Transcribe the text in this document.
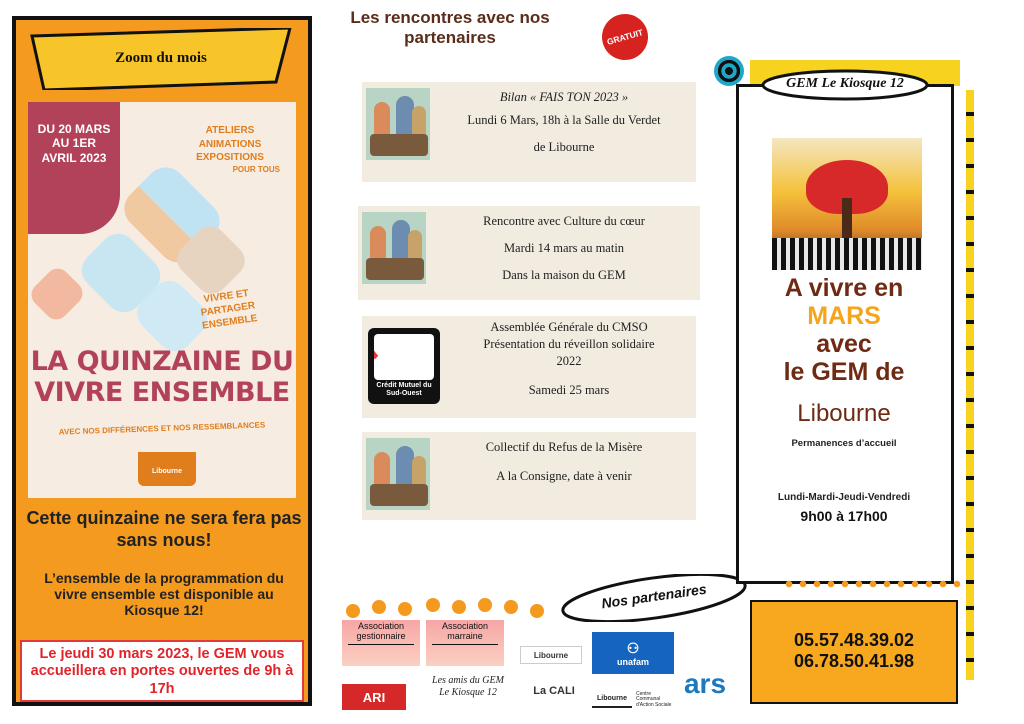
Zoom du mois
DU 20 MARS AU 1ER AVRIL 2023
ATELIERS
ANIMATIONS
EXPOSITIONS
POUR TOUS
VIVRE ET PARTAGER ENSEMBLE
LA QUINZAINE DU VIVRE ENSEMBLE
AVEC NOS DIFFÉRENCES ET NOS RESSEMBLANCES
Libourne
Cette quinzaine ne sera fera pas sans nous!
L’ensemble de la programmation du vivre ensemble est disponible au Kiosque 12!
Le jeudi 30 mars 2023, le GEM vous accueillera en portes ouvertes de 9h à 17h
Les rencontres avec nos partenaires	GRATUIT
Bilan « FAIS TON 2023 »
Lundi 6 Mars, 18h à la Salle du Verdet
de Libourne
Rencontre avec Culture du cœur
Mardi 14 mars au matin
Dans la maison du GEM
Crédit Mutuel du Sud-Ouest
Assemblée Générale du CMSO
Présentation du réveillon solidaire
2022
Samedi 25 mars
Collectif du Refus de la Misère
A la Consigne, date à venir
Nos partenaires
Association gestionnaire
Association marraine
Libourne	⚇
unafam
ARI
Les amis du GEM
Le Kiosque 12	La CALI
Libourne
Centre Communal d'Action Sociale
ars
GEM Le Kiosque 12
A vivre en
MARS
avec
le GEM de
Libourne
Permanences d’accueil
Lundi-Mardi-Jeudi-Vendredi
9h00 à 17h00
05.57.48.39.02
06.78.50.41.98
